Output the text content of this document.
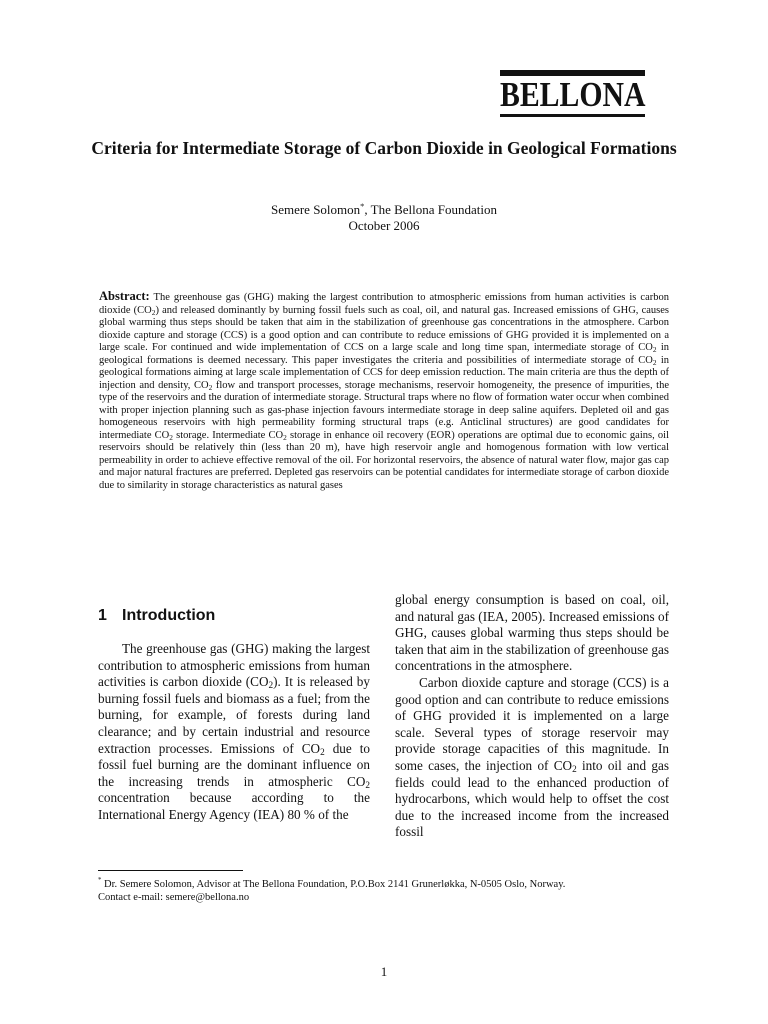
BELLONA
Criteria for Intermediate Storage of Carbon Dioxide in Geological Formations
Semere Solomon*, The Bellona Foundation
October 2006
Abstract: The greenhouse gas (GHG) making the largest contribution to atmospheric emissions from human activities is carbon dioxide $(CO_2)$ and released dominantly by burning fossil fuels such as coal, oil, and natural gas. Increased emissions of GHG, causes global warming thus steps should be taken that aim in the stabilization of greenhouse gas concentrations in the atmosphere. Carbon dioxide capture and storage (CCS) is a good option and can contribute to reduce emissions of GHG provided it is implemented on a large scale. For continued and wide implementation of CCS on a large scale and long time span, intermediate storage of $CO_2$ in geological formations is deemed necessary. This paper investigates the criteria and possibilities of intermediate storage of $CO_2$ in geological formations aiming at large scale implementation of CCS for deep emission reduction. The main criteria are thus the depth of injection and density, $CO_2$ flow and transport processes, storage mechanisms, reservoir homogeneity, the presence of impurities, the type of the reservoirs and the duration of intermediate storage. Structural traps where no flow of formation water occur when combined with proper injection planning such as gas-phase injection favours intermediate storage in deep saline aquifers. Depleted oil and gas homogeneous reservoirs with high permeability forming structural traps (e.g. Anticlinal structures) are good candidates for intermediate $CO_2$ storage. Intermediate $CO_2$ storage in enhance oil recovery (EOR) operations are optimal due to economic gains, oil reservoirs should be relatively thin (less than 20 m), have high reservoir angle and homogenous formation with low vertical permeability in order to achieve effective removal of the oil. For horizontal reservoirs, the absence of natural water flow, major gas cap and major natural fractures are preferred. Depleted gas reservoirs can be potential candidates for intermediate storage of carbon dioxide due to similarity in storage characteristics as natural gases
1 Introduction

The greenhouse gas (GHG) making the largest contribution to atmospheric emissions from human activities is carbon dioxide $(CO_2)$. It is released by burning fossil fuels and biomass as a fuel; from the burning, for example, of forests during land clearance; and by certain industrial and resource extraction processes. Emissions of $CO_2$ due to fossil fuel burning are the dominant influence on the increasing trends in atmospheric $CO_2$ concentration because according to the International Energy Agency (IEA) 80 % of the

global energy consumption is based on coal, oil, and natural gas (IEA, 2005). Increased emissions of GHG, causes global warming thus steps should be taken that aim in the stabilization of greenhouse gas concentrations in the atmosphere.

Carbon dioxide capture and storage (CCS) is a good option and can contribute to reduce emissions of GHG provided it is implemented on a large scale. Several types of storage reservoir may provide storage capacities of this magnitude. In some cases, the injection of $CO_2$ into oil and gas fields could lead to the enhanced production of hydrocarbons, which would help to offset the cost due to the increased income from the increased fossil

* Dr. Semere Solomon, Advisor at The Bellona Foundation, P.O.Box 2141 Grunerløkka, N-0505 Oslo, Norway.
Contact e-mail: semere@bellona.no
1
